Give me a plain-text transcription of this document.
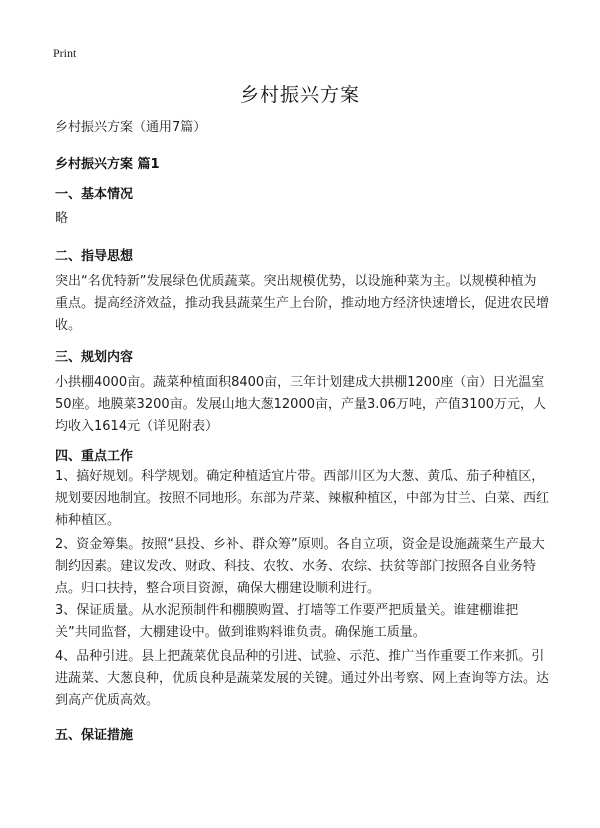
Print
乡村振兴方案

乡村振兴方案（通用7篇）

乡村振兴方案 篇1

一、基本情况

略

二、指导思想

突出“名优特新”发展绿色优质蔬菜。突出规模优势，以设施种菜为主。以规模种植为重点。提高经济效益，推动我县蔬菜生产上台阶，推动地方经济快速增长，促进农民增收。

三、规划内容

小拱棚4000亩。蔬菜种植面积8400亩，三年计划建成大拱棚1200座（亩）日光温室50座。地膜菜3200亩。发展山地大葱12000亩，产量3.06万吨，产值3100万元，人均收入1614元（详见附表）

四、重点工作

1、搞好规划。科学规划。确定种植适宜片带。西部川区为大葱、黄瓜、茄子种植区，规划要因地制宜。按照不同地形。东部为芹菜、辣椒种植区，中部为甘兰、白菜、西红柿种植区。

2、资金筹集。按照“县投、乡补、群众筹”原则。各自立项，资金是设施蔬菜生产最大制约因素。建议发改、财政、科技、农牧、水务、农综、扶贫等部门按照各自业务特点。归口扶持，整合项目资源，确保大棚建设顺利进行。

3、保证质量。从水泥预制件和棚膜购置、打墙等工作要严把质量关。谁建棚谁把关”共同监督，大棚建设中。做到谁购料谁负责。确保施工质量。

4、品种引进。县上把蔬菜优良品种的引进、试验、示范、推广当作重要工作来抓。引进蔬菜、大葱良种，优质良种是蔬菜发展的关键。通过外出考察、网上查询等方法。达到高产优质高效。

五、保证措施
